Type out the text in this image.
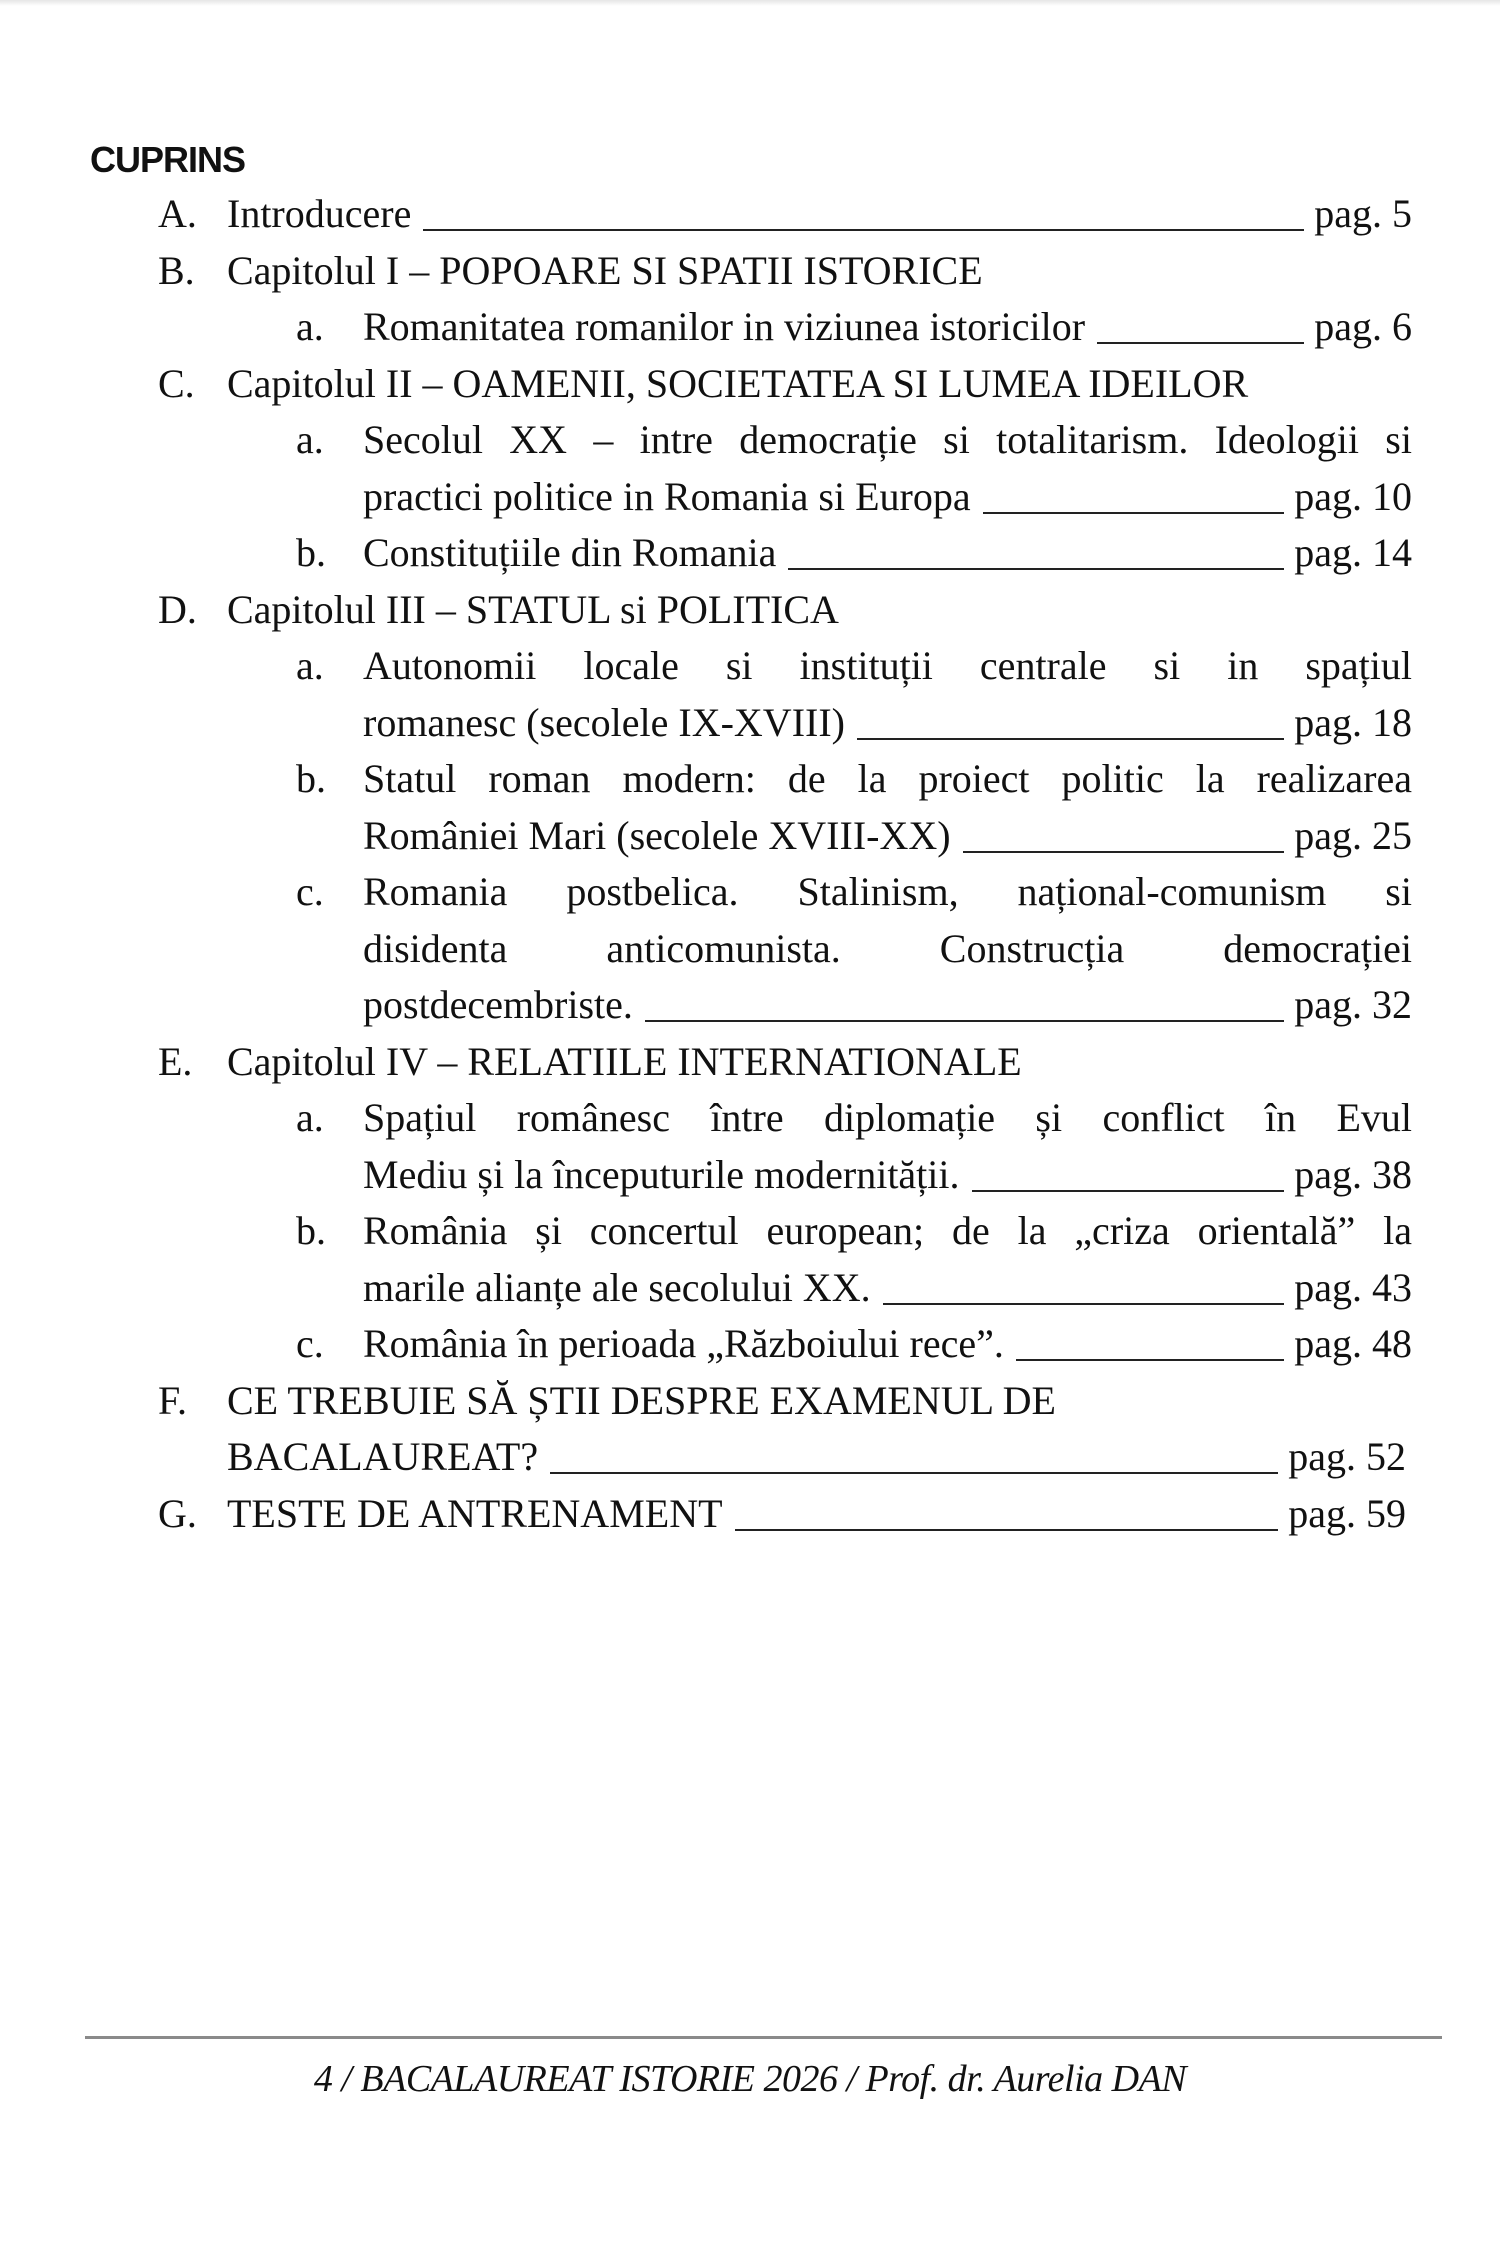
CUPRINS
A. Introducere	pag. 5
B. Capitolul I – POPOARE SI SPATII ISTORICE
a. Romanitatea romanilor in viziunea istoricilor	pag. 6
C. Capitolul II – OAMENII, SOCIETATEA SI LUMEA IDEILOR
a. Secolul XX – intre democrație si totalitarism. Ideologii si
practici politice in Romania si Europa	pag. 10
b. Constituțiile din Romania	pag. 14
D. Capitolul III – STATUL si POLITICA
a. Autonomii locale si instituții centrale si in spațiul
romanesc (secolele IX-XVIII)	pag. 18
b. Statul roman modern: de la proiect politic la realizarea
României Mari (secolele XVIII-XX)	pag. 25
c. Romania postbelica. Stalinism, național-comunism si
disidenta anticomunista. Construcția democrației
postdecembriste.	pag. 32
E. Capitolul IV – RELATIILE INTERNATIONALE
a. Spațiul românesc între diplomație și conflict în Evul
Mediu și la începuturile modernității.	pag. 38
b. România și concertul european; de la „criza orientală” la
marile alianțe ale secolului XX.	pag. 43
c. România în perioada „Războiului rece”.	pag. 48
F. CE TREBUIE SĂ ȘTII DESPRE EXAMENUL DE
BACALAUREAT?	pag. 52
G. TESTE DE ANTRENAMENT	pag. 59
4 / BACALAUREAT ISTORIE 2026 / Prof. dr. Aurelia DAN
